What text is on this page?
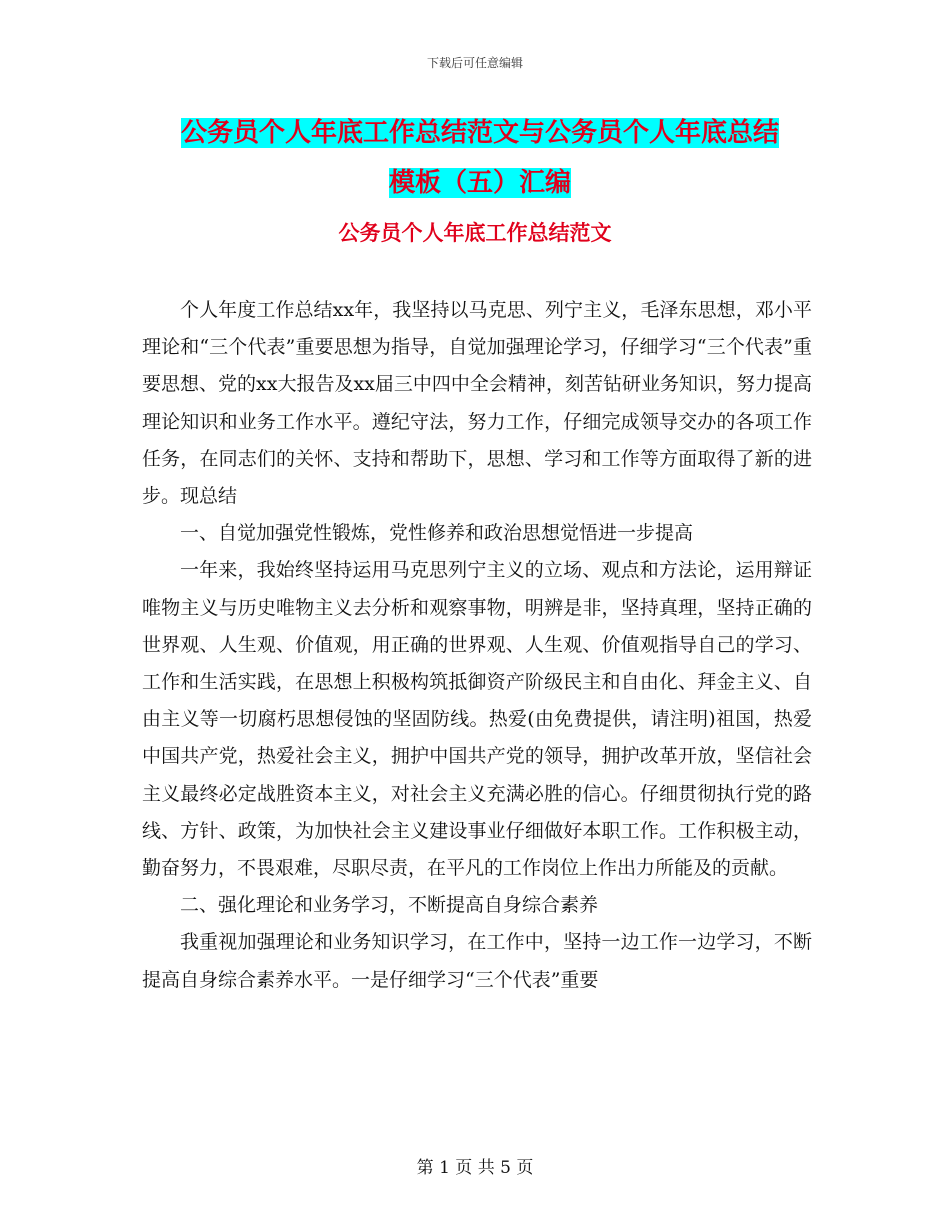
下载后可任意编辑
公务员个人年底工作总结范文与公务员个人年底总结
模板（五）汇编
公务员个人年底工作总结范文

个人年度工作总结xx年，我坚持以马克思、列宁主义，毛泽东思想，邓小平理论和“三个代表”重要思想为指导，自觉加强理论学习，仔细学习“三个代表”重要思想、党的xx大报告及xx届三中四中全会精神，刻苦钻研业务知识，努力提高理论知识和业务工作水平。遵纪守法，努力工作，仔细完成领导交办的各项工作任务，在同志们的关怀、支持和帮助下，思想、学习和工作等方面取得了新的进步。现总结

一、自觉加强党性锻炼，党性修养和政治思想觉悟进一步提高

一年来，我始终坚持运用马克思列宁主义的立场、观点和方法论，运用辩证唯物主义与历史唯物主义去分析和观察事物，明辨是非，坚持真理，坚持正确的世界观、人生观、价值观，用正确的世界观、人生观、价值观指导自己的学习、工作和生活实践，在思想上积极构筑抵御资产阶级民主和自由化、拜金主义、自由主义等一切腐朽思想侵蚀的坚固防线。热爱(由免费提供，请注明)祖国，热爱中国共产党，热爱社会主义，拥护中国共产党的领导，拥护改革开放，坚信社会主义最终必定战胜资本主义，对社会主义充满必胜的信心。仔细贯彻执行党的路线、方针、政策，为加快社会主义建设事业仔细做好本职工作。工作积极主动，勤奋努力，不畏艰难，尽职尽责，在平凡的工作岗位上作出力所能及的贡献。

二、强化理论和业务学习，不断提高自身综合素养

我重视加强理论和业务知识学习，在工作中，坚持一边工作一边学习，不断提高自身综合素养水平。一是仔细学习“三个代表”重要

第 1 页 共 5 页
